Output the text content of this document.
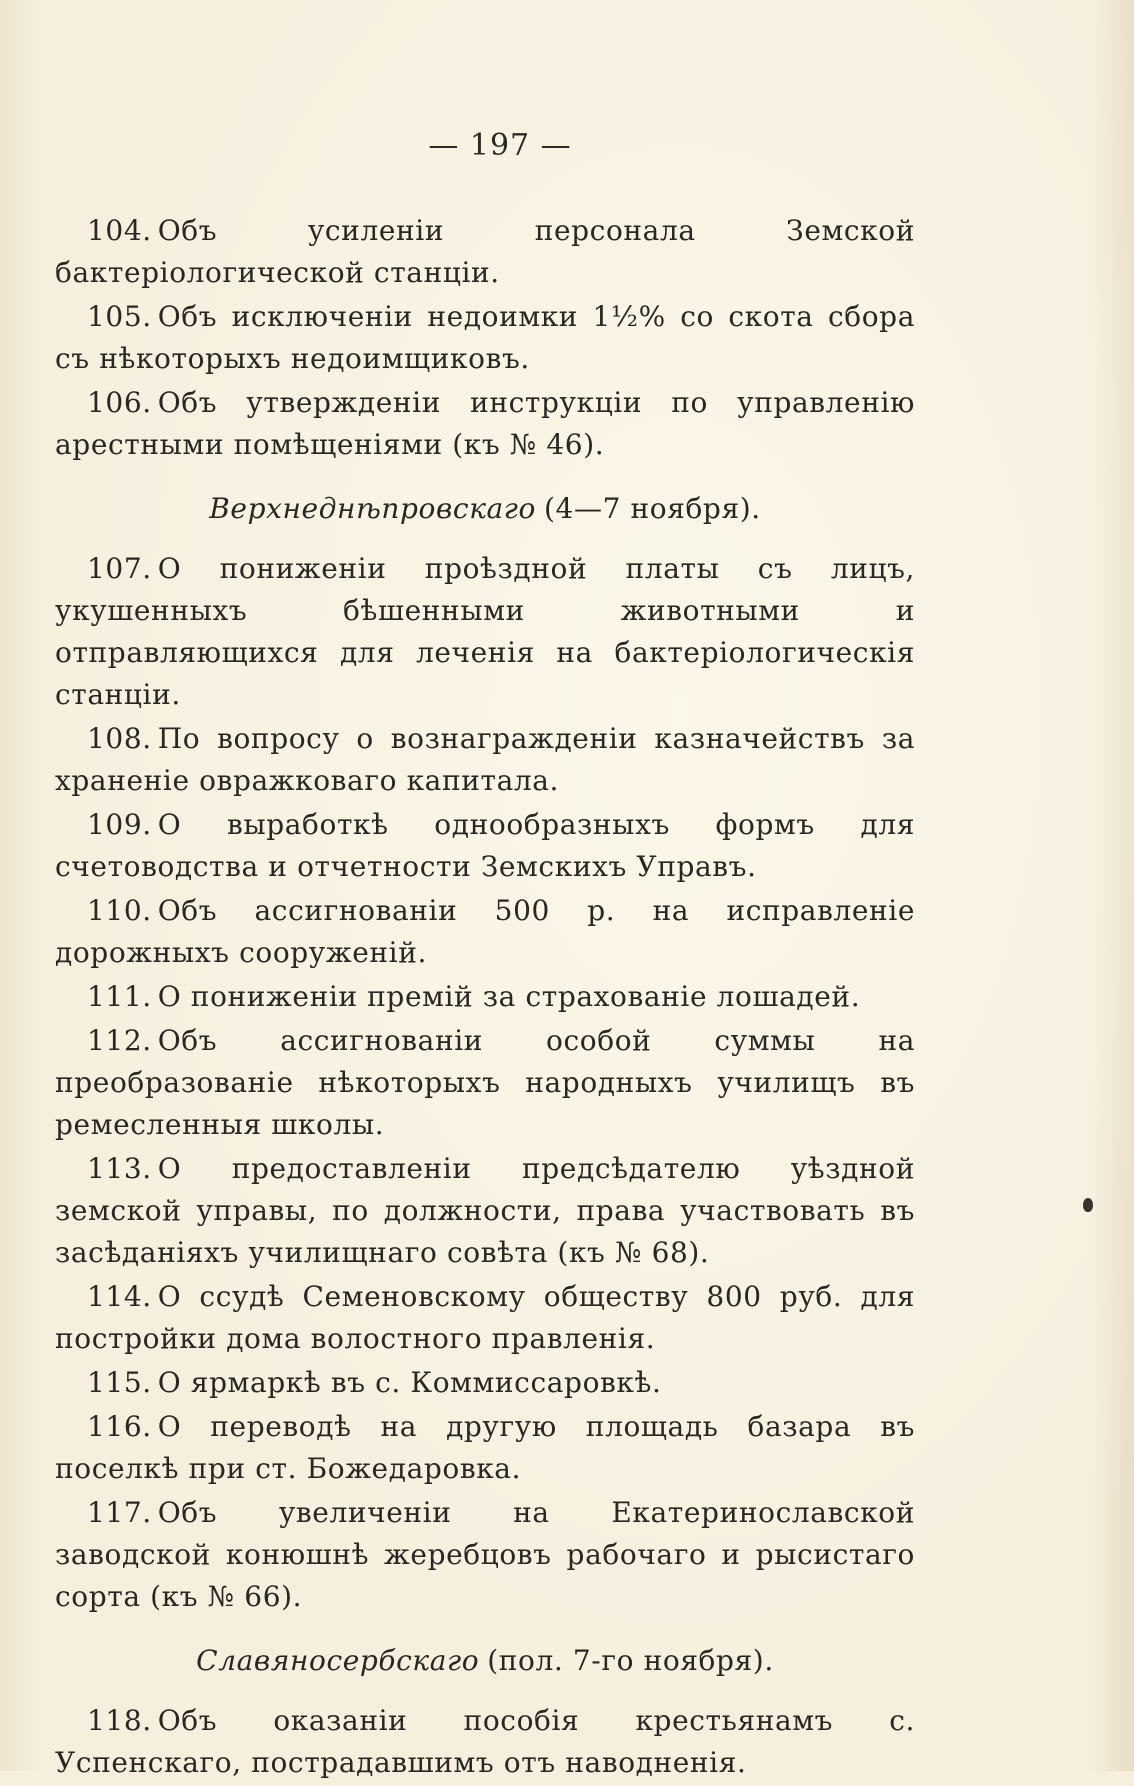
— 197 —

104. Объ усиленіи персонала Земской бактеріологической станціи.

105. Объ исключеніи недоимки 1½% со скота сбора съ нѣкоторыхъ недоимщиковъ.

106. Объ утвержденіи инструкціи по управленію арестными помѣщеніями (къ № 46).

Верхнеднѣпровскаго (4—7 ноября).

107. О пониженіи проѣздной платы съ лицъ, укушенныхъ бѣшенными животными и отправляющихся для леченія на бактеріологическія станціи.

108. По вопросу о вознагражденіи казначействъ за храненіе овражковаго капитала.

109. О выработкѣ однообразныхъ формъ для счетоводства и отчетности Земскихъ Управъ.

110. Объ ассигнованіи 500 р. на исправленіе дорожныхъ сооруженій.

111. О пониженіи премій за страхованіе лошадей.

112. Объ ассигнованіи особой суммы на преобразованіе нѣкоторыхъ народныхъ училищъ въ ремесленныя школы.

113. О предоставленіи предсѣдателю уѣздной земской управы, по должности, права участвовать въ засѣданіяхъ училищнаго совѣта (къ № 68).

114. О ссудѣ Семеновскому обществу 800 руб. для постройки дома волостного правленія.

115. О ярмаркѣ въ с. Коммиссаровкѣ.

116. О переводѣ на другую площадь базара въ поселкѣ при ст. Божедаровка.

117. Объ увеличеніи на Екатеринославской заводской конюшнѣ жеребцовъ рабочаго и рысистаго сорта (къ № 66).

Славяносербскаго (пол. 7-го ноября).

118. Объ оказаніи пособія крестьянамъ с. Успенскаго, пострадавшимъ отъ наводненія.
